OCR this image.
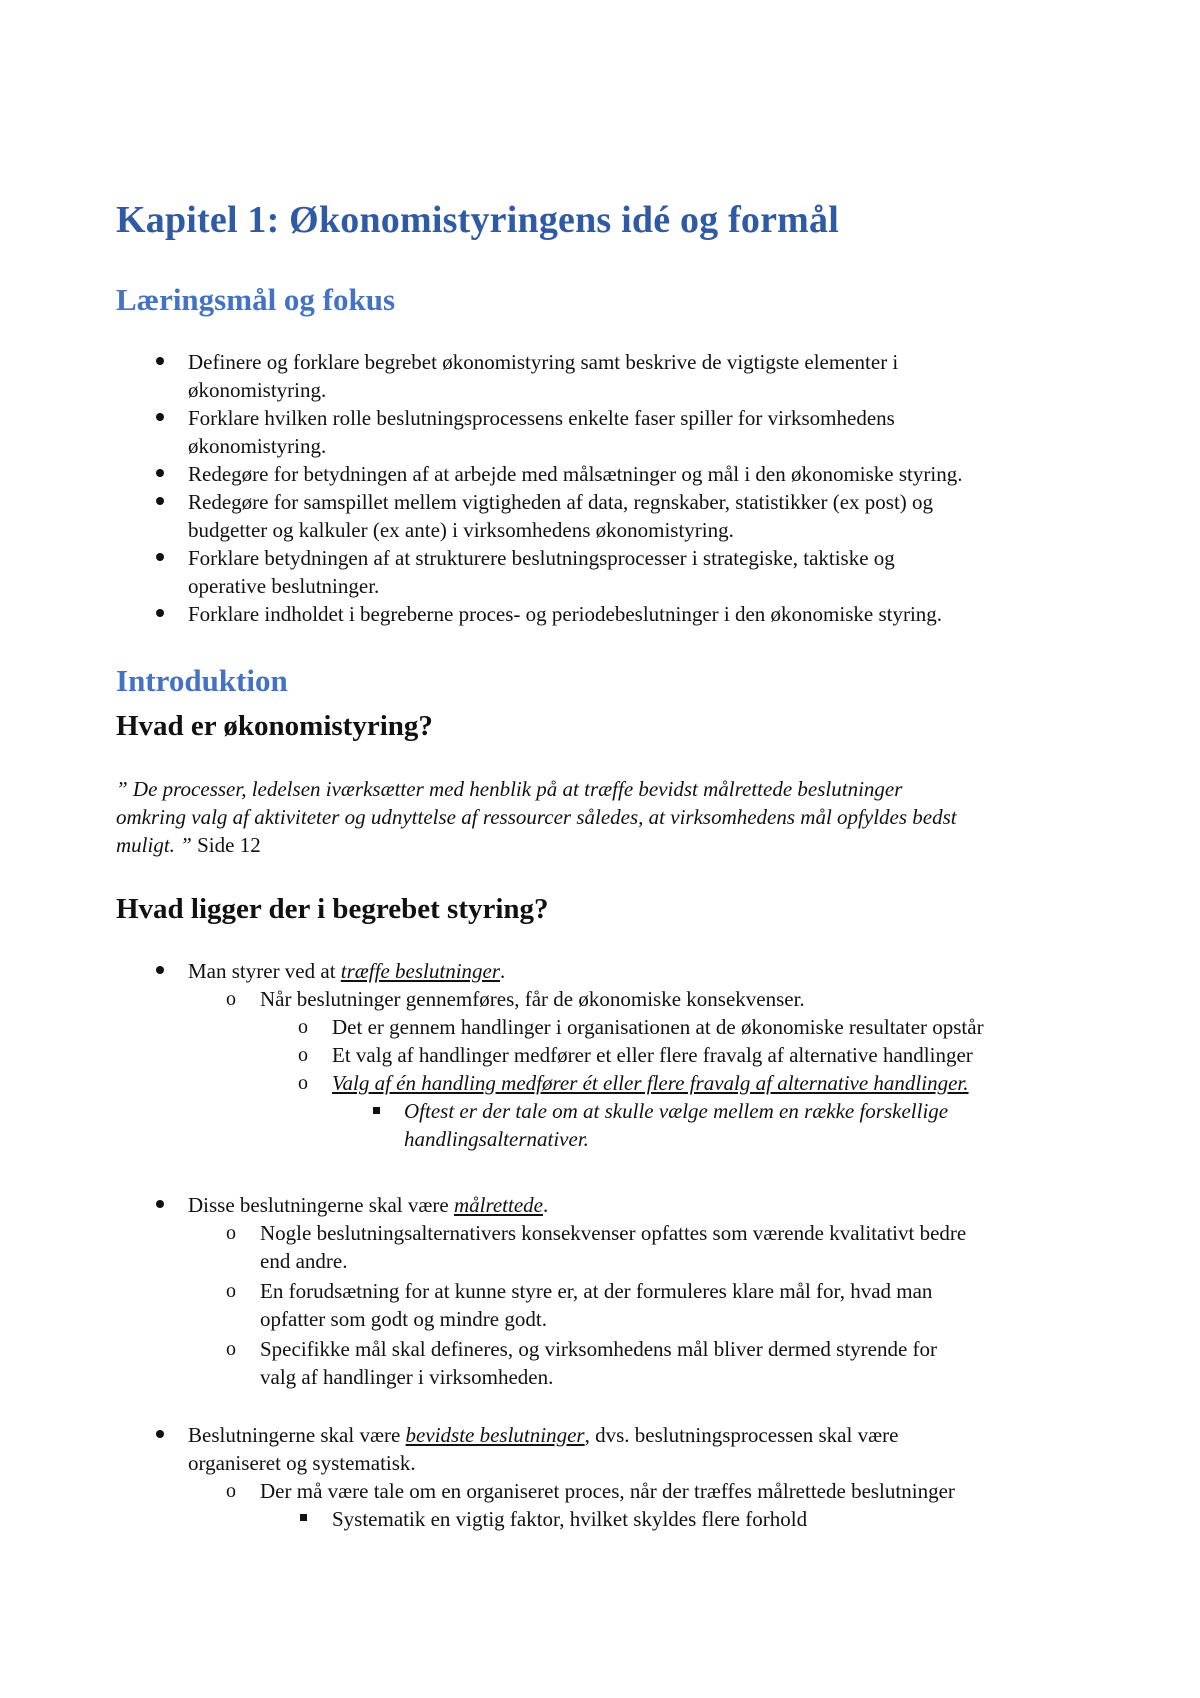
Kapitel 1: Økonomistyringens idé og formål
Læringsmål og fokus

Definere og forklare begrebet økonomistyring samt beskrive de vigtigste elementer i

økonomistyring.

Forklare hvilken rolle beslutningsprocessens enkelte faser spiller for virksomhedens

økonomistyring.

Redegøre for betydningen af at arbejde med målsætninger og mål i den økonomiske styring.

Redegøre for samspillet mellem vigtigheden af data, regnskaber, statistikker (ex post) og

budgetter og kalkuler (ex ante) i virksomhedens økonomistyring.

Forklare betydningen af at strukturere beslutningsprocesser i strategiske, taktiske og

operative beslutninger.

Forklare indholdet i begreberne proces- og periodebeslutninger i den økonomiske styring.

Introduktion
Hvad er økonomistyring?

” De processer, ledelsen iværksætter med henblik på at træffe bevidst målrettede beslutninger

omkring valg af aktiviteter og udnyttelse af ressourcer således, at virksomhedens mål opfyldes bedst

muligt. ” Side 12

Hvad ligger der i begrebet styring?

Man styrer ved at træffe beslutninger.

o Når beslutninger gennemføres, får de økonomiske konsekvenser.

o Det er gennem handlinger i organisationen at de økonomiske resultater opstår

o Et valg af handlinger medfører et eller flere fravalg af alternative handlinger

o Valg af én handling medfører ét eller flere fravalg af alternative handlinger.

Oftest er der tale om at skulle vælge mellem en række forskellige

handlingsalternativer.

Disse beslutningerne skal være målrettede.

o Nogle beslutningsalternativers konsekvenser opfattes som værende kvalitativt bedre

end andre.

o En forudsætning for at kunne styre er, at der formuleres klare mål for, hvad man

opfatter som godt og mindre godt.

o Specifikke mål skal defineres, og virksomhedens mål bliver dermed styrende for

valg af handlinger i virksomheden.

Beslutningerne skal være bevidste beslutninger, dvs. beslutningsprocessen skal være

organiseret og systematisk.

o Der må være tale om en organiseret proces, når der træffes målrettede beslutninger

Systematik en vigtig faktor, hvilket skyldes flere forhold
